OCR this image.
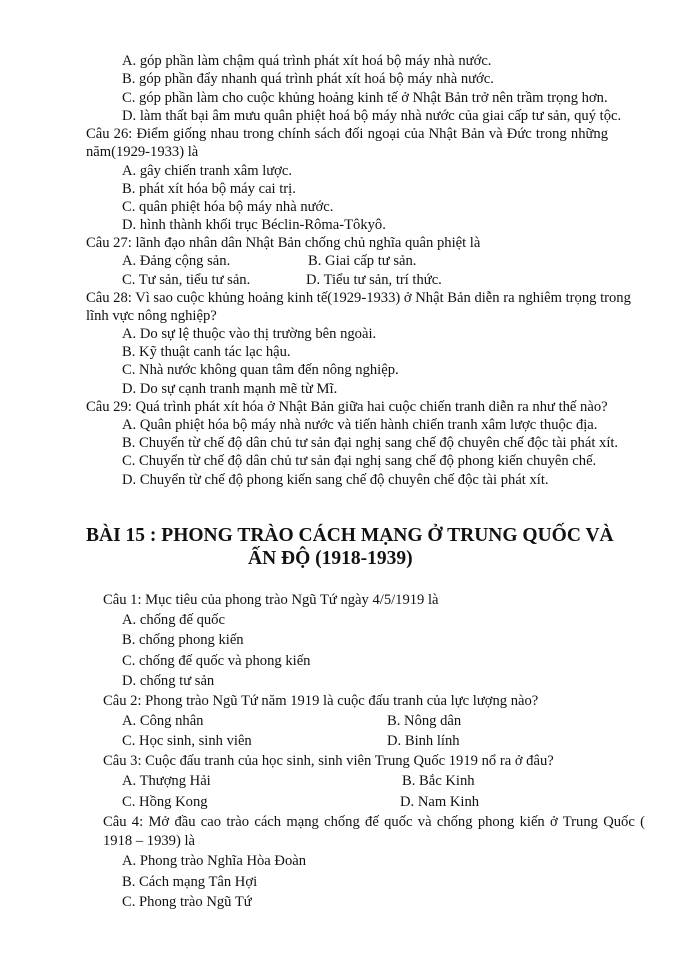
A. góp phần làm chậm quá trình phát xít hoá bộ máy nhà nước.
B. góp phần đẩy nhanh quá trình phát xít hoá bộ máy nhà nước.
C. góp phần làm cho cuộc khủng hoảng kinh tế ở Nhật Bản trở nên trầm trọng hơn.
D. làm thất bại âm mưu quân phiệt hoá bộ máy nhà nước của giai cấp tư sản, quý tộc.
Câu 26: Điểm giống nhau trong chính sách đối ngoại của Nhật Bản và Đức trong những
năm(1929-1933) là
A. gây chiến tranh xâm lược.
B. phát xít hóa bộ máy cai trị.
C. quân phiệt hóa bộ máy nhà nước.
D. hình thành khối trục Béclin-Rôma-Tôkyô.
Câu 27: lãnh đạo nhân dân Nhật Bản chống chủ nghĩa quân phiệt là
A. Đảng cộng sản.	B. Giai cấp tư sản.
C. Tư sản, tiểu tư sản.	D. Tiểu tư sản, trí thức.
Câu 28: Vì sao cuộc khủng hoảng kinh tế(1929-1933) ở Nhật Bản diễn ra nghiêm trọng trong
lĩnh vực nông nghiệp?
A. Do sự lệ thuộc vào thị trường bên ngoài.
B. Kỹ thuật canh tác lạc hậu.
C. Nhà nước không quan tâm đến nông nghiệp.
D. Do sự cạnh tranh mạnh mẽ từ Mĩ.
Câu 29: Quá trình phát xít hóa ở Nhật Bản giữa hai cuộc chiến tranh diễn ra như thế nào?
A. Quân phiệt hóa bộ máy nhà nước và tiến hành chiến tranh xâm lược thuộc địa.
B. Chuyển từ chế độ dân chủ tư sản đại nghị sang chế độ chuyên chế độc tài phát xít.
C. Chuyển từ chế độ dân chủ tư sản đại nghị sang chế độ phong kiến chuyên chế.
D. Chuyển từ chế độ phong kiến sang chế độ chuyên chế độc tài phát xít.
BÀI 15 : PHONG TRÀO CÁCH MẠNG Ở TRUNG QUỐC VÀ
ẤN ĐỘ (1918-1939)
Câu 1: Mục tiêu của phong trào Ngũ Tứ ngày 4/5/1919 là
A. chống đế quốc
B. chống phong kiến
C. chống đế quốc và phong kiến
D. chống tư sản
Câu 2: Phong trào Ngũ Tứ năm 1919 là cuộc đấu tranh của lực lượng nào?
A. Công nhân	B. Nông dân
C. Học sinh, sinh viên	D. Binh lính
Câu 3: Cuộc đấu tranh của học sinh, sinh viên Trung Quốc 1919 nổ ra ở đâu?
A. Thượng Hải	B. Bắc Kinh
C. Hồng Kong	D. Nam Kinh
Câu 4: Mở đầu cao trào cách mạng chống đế quốc và chống phong kiến ở Trung Quốc (
1918 – 1939) là
A. Phong trào Nghĩa Hòa Đoàn
B. Cách mạng Tân Hợi
C. Phong trào Ngũ Tứ
